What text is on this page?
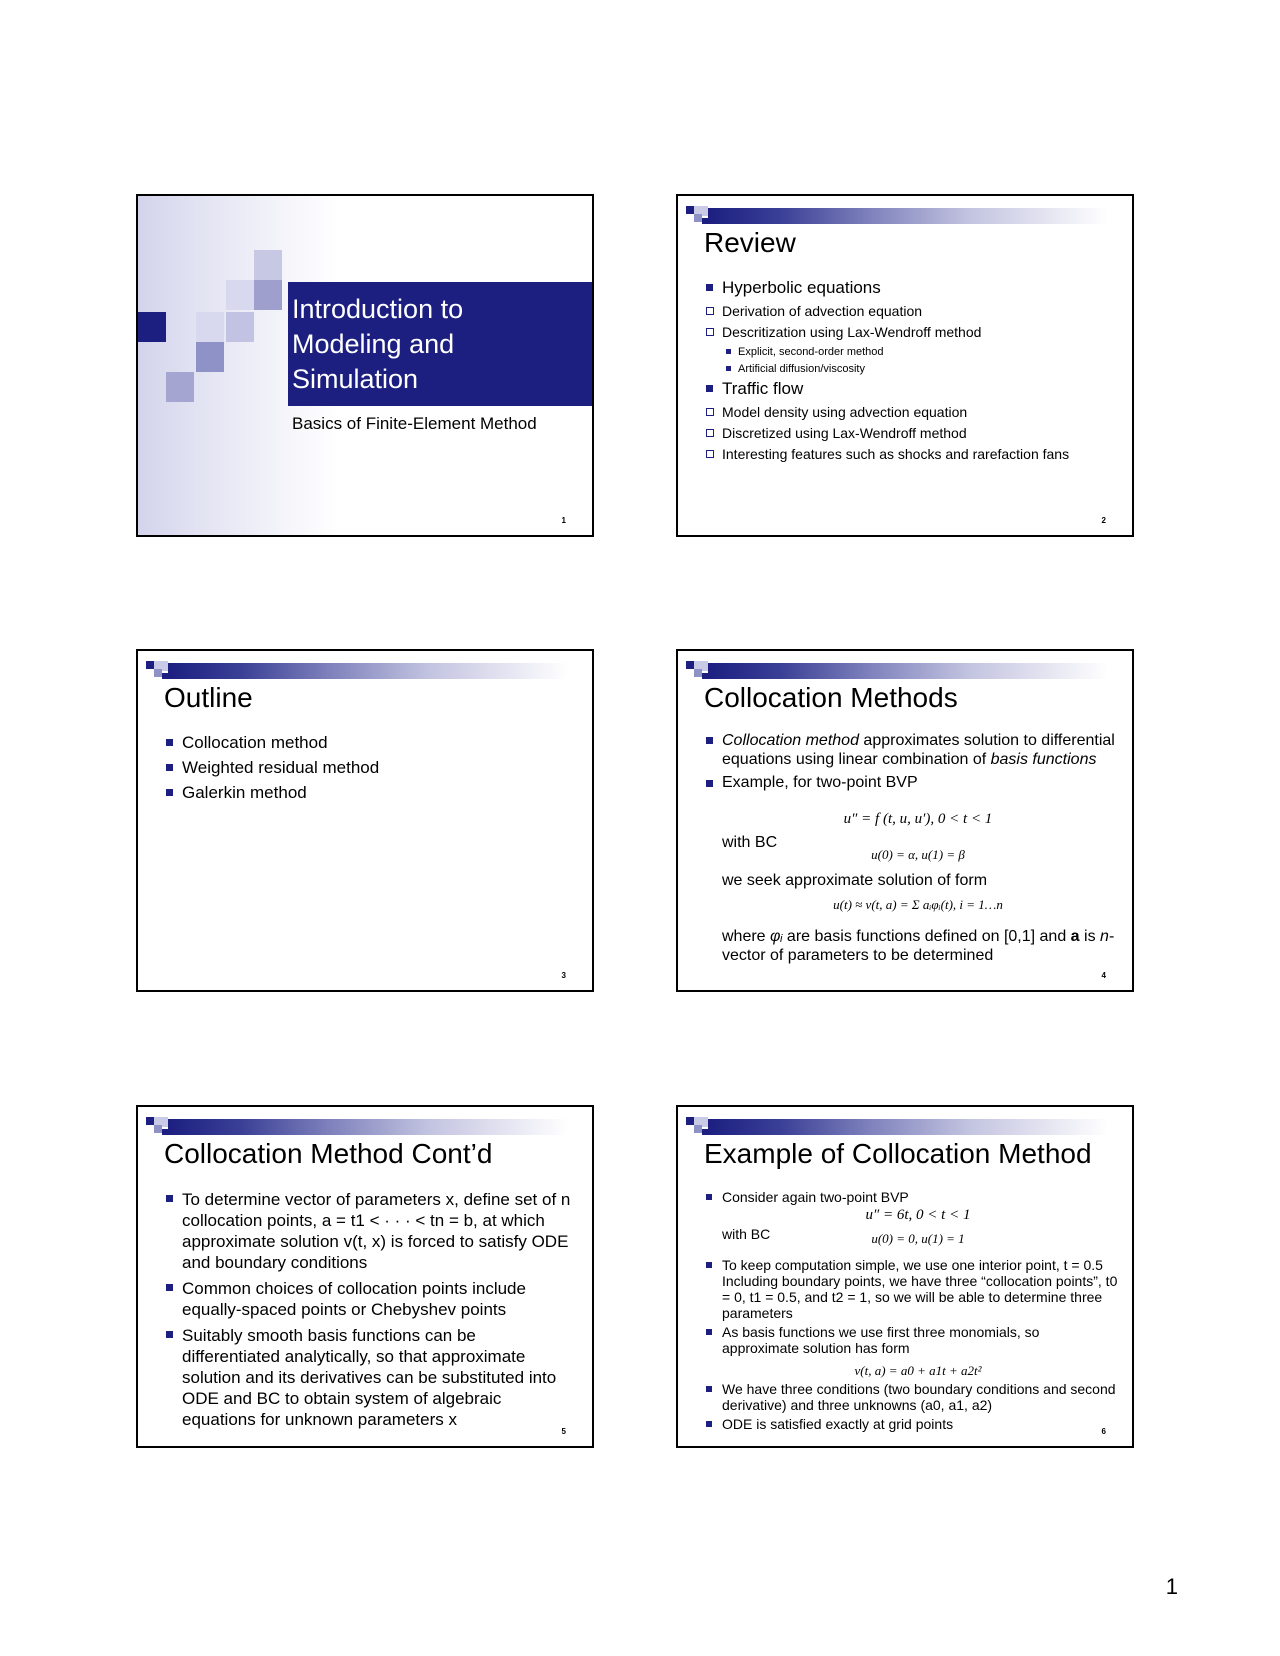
Introduction to
Modeling and
Simulation
Basics of Finite-Element Method
1
Review
Hyperbolic equations
Derivation of advection equation
Descritization using Lax-Wendroff method
Explicit, second-order method
Artificial diffusion/viscosity
Traffic flow
Model density using advection equation
Discretized using Lax-Wendroff method
Interesting features such as shocks and rarefaction fans
2
Outline
Collocation method
Weighted residual method
Galerkin method
3
Collocation Methods
Collocation method approximates solution to differential equations using linear combination of basis functions
Example, for two-point BVP
u″ = f (t, u, u′), 0 < t < 1
with BC
u(0) = α, u(1) = β
we seek approximate solution of form
u(t) ≈ v(t, a) = Σ aᵢφᵢ(t), i = 1…n
where φᵢ are basis functions defined on [0,1] and a is n-vector of parameters to be determined
4
Collocation Method Cont’d
To determine vector of parameters x, define set of n collocation points, a = t1 < · · · < tn = b, at which approximate solution v(t, x) is forced to satisfy ODE and boundary conditions
Common choices of collocation points include equally-spaced points or Chebyshev points
Suitably smooth basis functions can be differentiated analytically, so that approximate solution and its derivatives can be substituted into ODE and BC to obtain system of algebraic equations for unknown parameters x
5
Example of Collocation Method
Consider again two-point BVP
u″ = 6t, 0 < t < 1
with BC	u(0) = 0, u(1) = 1
To keep computation simple, we use one interior point, t = 0.5 Including boundary points, we have three “collocation points”, t0 = 0, t1 = 0.5, and t2 = 1, so we will be able to determine three parameters
As basis functions we use first three monomials, so approximate solution has form
v(t, a) = a0 + a1t + a2t²
We have three conditions (two boundary conditions and second derivative) and three unknowns (a0, a1, a2)
ODE is satisfied exactly at grid points	6
1
